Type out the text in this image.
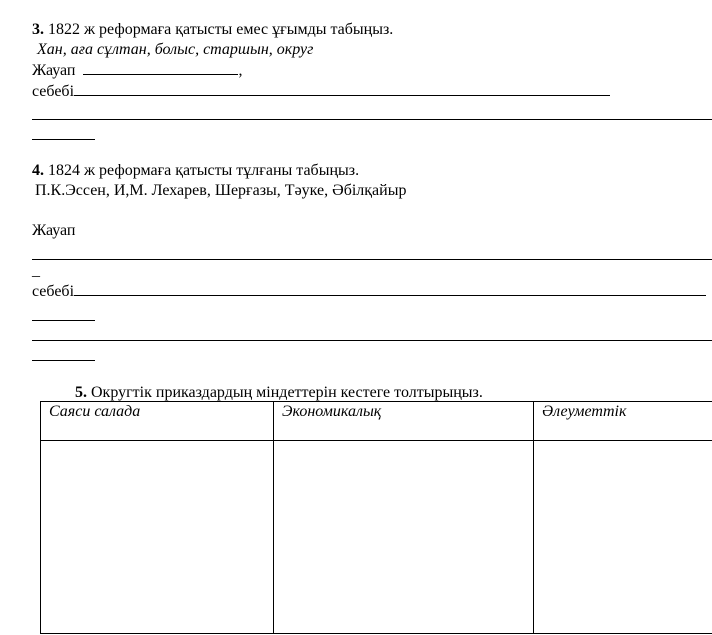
3. 1822 ж реформаға қатысты емес ұғымды табыңыз.
Хан, аға сұлтан, болыс, старшын, округ
Жауап	,
себебі
4. 1824 ж реформаға қатысты тұлғаны табыңыз.
П.К.Эссен, И,М. Лехарев, Шерғазы, Тәуке, Әбілқайыр
Жауап
_
себебі
5. Округтік приказдардың міндеттерін кестеге толтырыңыз.
Саяси салада	Экономикалық	Әлеуметтік
